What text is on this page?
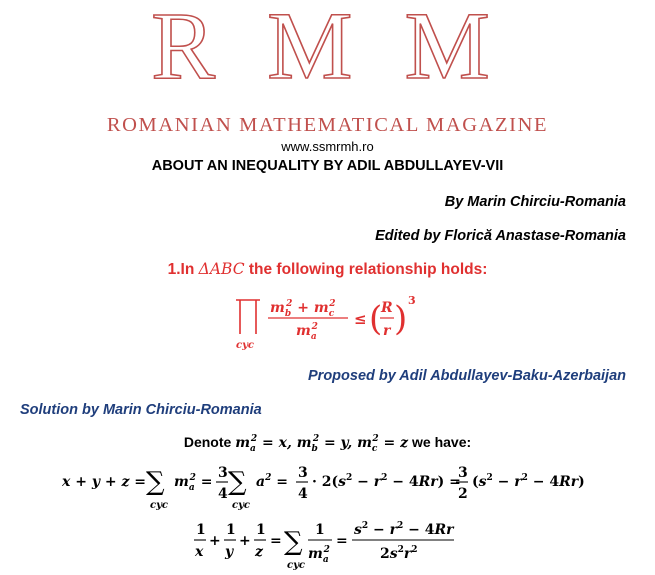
R M M
ROMANIAN MATHEMATICAL MAGAZINE
www.ssmrmh.ro
ABOUT AN INEQUALITY BY ADIL ABDULLAYEV-VII
By Marin Chirciu-Romania
Edited by Florică Anastase-Romania
1.In ΔABC the following relationship holds:
cyc
$m_b2 + m_c2$
$m_a2$ ≤ (
R
r ) 3
Proposed by Adil Abdullayev-Baku-Azerbaijan
Solution by Marin Chirciu-Romania
Denote $m_a^2 = x$, $m_b^2 = y$, $m_c^2 = z$ we have:
x + y + z = ∑
cyc
$m_a2$ =
3
4 ∑
cyc
$a^2$ =
3
4
· $2(s^2 - r^2 - 4Rr)$ =
3
2
$(s^2 - r^2 - 4Rr)$
1
x
+
1
y
+
1
z
= ∑
cyc
1
$m_a2$
=
$s^2 - r^2 - 4Rr$
$2s^2r^2$
